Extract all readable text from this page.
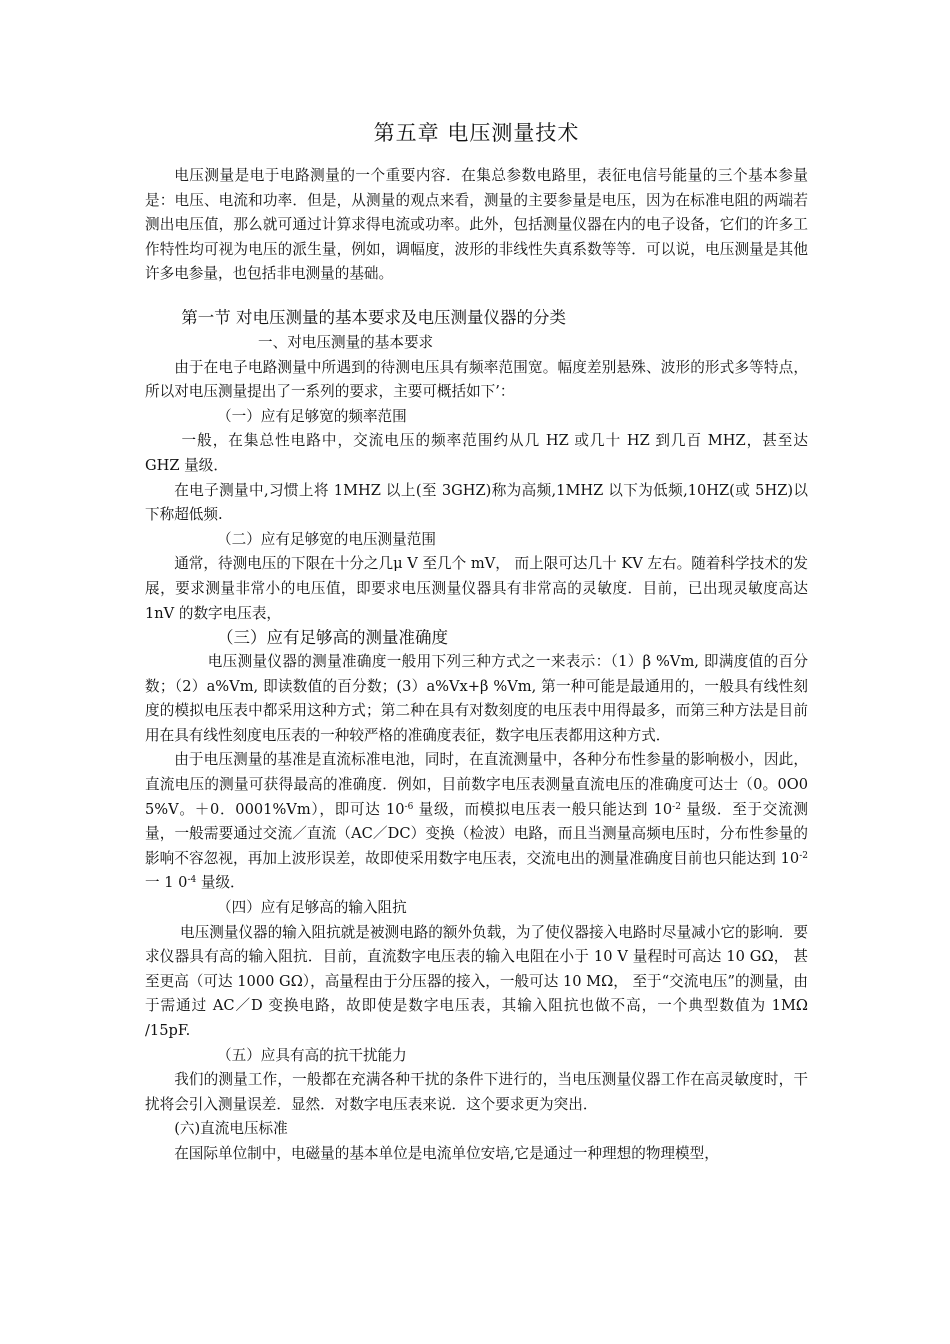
第五章 电压测量技术

电压测量是电于电路测量的一个重要内容．在集总参数电路里，表征电信号能量的三个基本参量是：电压、电流和功率．但是，从测量的观点来看，测量的主要参量是电压，因为在标准电阻的两端若测出电压值，那么就可通过计算求得电流或功率。此外，包括测量仪器在内的电子设备，它们的许多工作特性均可视为电压的派生量，例如，调幅度，波形的非线性失真系数等等．可以说，电压测量是其他许多电参量，也包括非电测量的基础。

第一节 对电压测量的基本要求及电压测量仪器的分类

一、对电压测量的基本要求

由于在电子电路测量中所遇到的待测电压具有频率范围宽。幅度差别悬殊、波形的形式多等特点，所以对电压测量提出了一系列的要求，主要可概括如下’：

（一）应有足够宽的频率范围

一般，在集总性电路中，交流电压的频率范围约从几 HZ 或几十 HZ 到几百 MHZ，甚至达 GHZ 量级．

在电子测量中,习惯上将 1MHZ 以上(至 3GHZ)称为高频,1MHZ 以下为低频,10HZ(或 5HZ)以下称超低频.

（二）应有足够宽的电压测量范围

通常，待测电压的下限在十分之几μ V 至几个 mV， 而上限可达几十 KV 左右。随着科学技术的发展，要求测量非常小的电压值，即要求电压测量仪器具有非常高的灵敏度．目前，已出现灵敏度高达 1nV 的数字电压表，

（三）应有足够高的测量准确度

电压测量仪器的测量准确度一般用下列三种方式之一来表示：（1）β %Vm, 即满度值的百分数；（2）a%Vm, 即读数值的百分数；(3）a%Vx+β %Vm, 第一种可能是最通用的，一般具有线性刻度的模拟电压表中都采用这种方式；第二种在具有对数刻度的电压表中用得最多，而第三种方法是目前用在具有线性刻度电压表的一种较严格的准确度表征，数字电压表都用这种方式．

由于电压测量的基准是直流标准电池，同时，在直流测量中，各种分布性参量的影响极小，因此，直流电压的测量可获得最高的准确度．例如，目前数字电压表测量直流电压的准确度可达士（0。0O0 5%V。＋0．0001%Vm），即可达 $10^{-6}$ 量级，而模拟电压表一般只能达到 $10^{-2}$ 量级．至于交流测量，一般需要通过交流／直流（AC／DC）变换（检波）电路，而且当测量高频电压时，分布性参量的影响不容忽视，再加上波形误差，故即使采用数字电压表，交流电出的测量准确度目前也只能达到 $10^{-2}$ 一 1 $0^{-4}$ 量级．

（四）应有足够高的输入阻抗

电压测量仪器的输入阻抗就是被测电路的额外负载，为了使仪器接入电路时尽量减小它的影响．要求仪器具有高的输入阻抗．目前，直流数字电压表的输入电阻在小于 10 V 量程时可高达 10 GΩ， 甚至更高（可达 1000 GΩ），高量程由于分压器的接入，一般可达 10 MΩ， 至于“交流电压”的测量，由于需通过 AC／D 变换电路，故即使是数字电压表，其输入阻抗也做不高，一个典型数值为 1MΩ /15pF.

（五）应具有高的抗干扰能力

我们的测量工作，一般都在充满各种干扰的条件下进行的，当电压测量仪器工作在高灵敏度时，干扰将会引入测量误差．显然．对数字电压表来说．这个要求更为突出．

(六)直流电压标准

在国际单位制中，电磁量的基本单位是电流单位安培,它是通过一种理想的物理模型，
